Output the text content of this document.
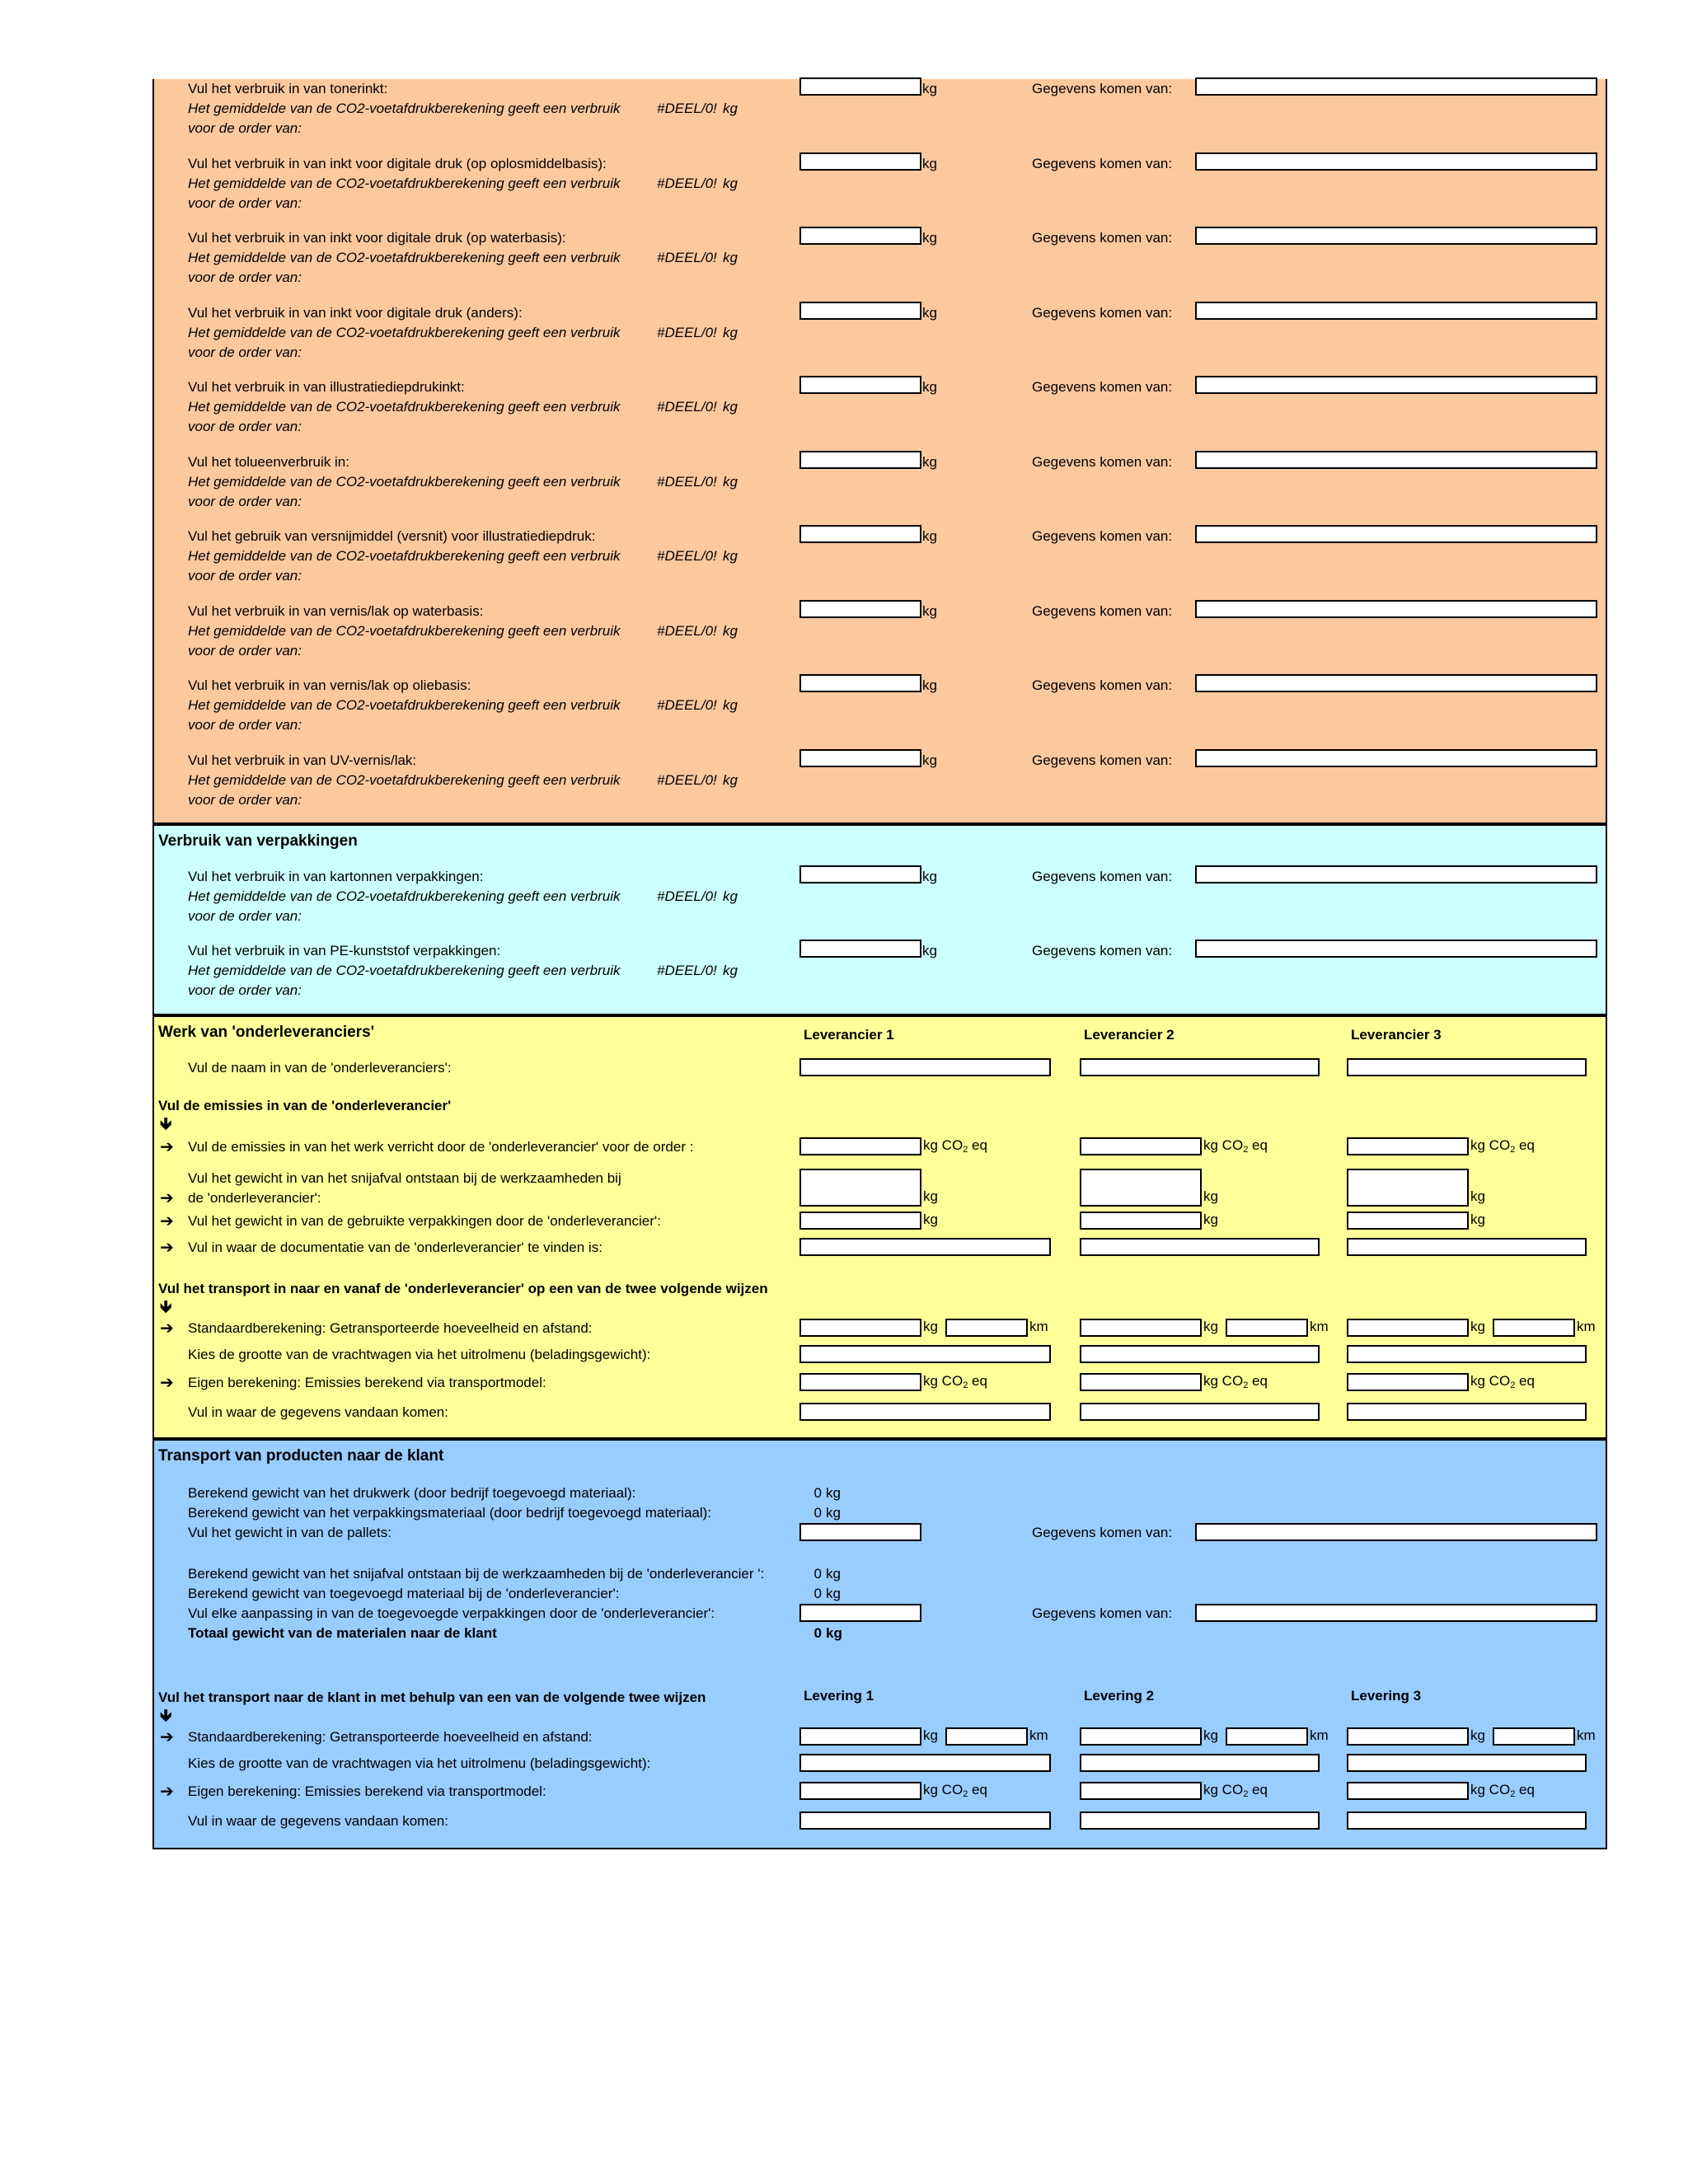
Vul het verbruik in van tonerinkt:	kg	Gegevens komen van:
Het gemiddelde van de CO2-voetafdrukberekening geeft een verbruik	#DEEL/0! kg
voor de order van:
Vul het verbruik in van inkt voor digitale druk (op oplosmiddelbasis):	kg	Gegevens komen van:
Het gemiddelde van de CO2-voetafdrukberekening geeft een verbruik	#DEEL/0! kg
voor de order van:
Vul het verbruik in van inkt voor digitale druk (op waterbasis):	kg	Gegevens komen van:
Het gemiddelde van de CO2-voetafdrukberekening geeft een verbruik	#DEEL/0! kg
voor de order van:
Vul het verbruik in van inkt voor digitale druk (anders):	kg	Gegevens komen van:
Het gemiddelde van de CO2-voetafdrukberekening geeft een verbruik	#DEEL/0! kg
voor de order van:
Vul het verbruik in van illustratiediepdrukinkt:	kg	Gegevens komen van:
Het gemiddelde van de CO2-voetafdrukberekening geeft een verbruik	#DEEL/0! kg
voor de order van:
Vul het tolueenverbruik in:	kg	Gegevens komen van:
Het gemiddelde van de CO2-voetafdrukberekening geeft een verbruik	#DEEL/0! kg
voor de order van:
Vul het gebruik van versnijmiddel (versnit) voor illustratiediepdruk:	kg	Gegevens komen van:
Het gemiddelde van de CO2-voetafdrukberekening geeft een verbruik	#DEEL/0! kg
voor de order van:
Vul het verbruik in van vernis/lak op waterbasis:	kg	Gegevens komen van:
Het gemiddelde van de CO2-voetafdrukberekening geeft een verbruik	#DEEL/0! kg
voor de order van:
Vul het verbruik in van vernis/lak op oliebasis:	kg	Gegevens komen van:
Het gemiddelde van de CO2-voetafdrukberekening geeft een verbruik	#DEEL/0! kg
voor de order van:
Vul het verbruik in van UV-vernis/lak:	kg	Gegevens komen van:
Het gemiddelde van de CO2-voetafdrukberekening geeft een verbruik	#DEEL/0! kg
voor de order van:
Verbruik van verpakkingen
Vul het verbruik in van kartonnen verpakkingen:	kg	Gegevens komen van:
Het gemiddelde van de CO2-voetafdrukberekening geeft een verbruik	#DEEL/0! kg
voor de order van:
Vul het verbruik in van PE-kunststof verpakkingen:	kg	Gegevens komen van:
Het gemiddelde van de CO2-voetafdrukberekening geeft een verbruik	#DEEL/0! kg
voor de order van:
Werk van 'onderleveranciers'	Leverancier 1	Leverancier 2	Leverancier 3
Vul de naam in van de 'onderleveranciers':
Vul de emissies in van de 'onderleverancier'
🡻
➔ Vul de emissies in van het werk verricht door de 'onderleverancier' voor de order :	kg $CO_2$ eq	kg $CO_2$ eq	kg $CO_2$ eq
Vul het gewicht in van het snijafval ontstaan bij de werkzaamheden bij
➔ de 'onderleverancier':	kg	kg	kg
➔ Vul het gewicht in van de gebruikte verpakkingen door de 'onderleverancier':	kg	kg	kg
➔ Vul in waar de documentatie van de 'onderleverancier' te vinden is:
Vul het transport in naar en vanaf de 'onderleverancier' op een van de twee volgende wijzen
🡻
➔ Standaardberekening: Getransporteerde hoeveelheid en afstand:	kg	km	kg	km	kg	km
Kies de grootte van de vrachtwagen via het uitrolmenu (beladingsgewicht):
➔ Eigen berekening: Emissies berekend via transportmodel:	kg $CO_2$ eq	kg $CO_2$ eq	kg $CO_2$ eq
Vul in waar de gegevens vandaan komen:
Transport van producten naar de klant
Berekend gewicht van het drukwerk (door bedrijf toegevoegd materiaal):	0 kg
Berekend gewicht van het verpakkingsmateriaal (door bedrijf toegevoegd materiaal):	0 kg
Vul het gewicht in van de pallets:	Gegevens komen van:
Berekend gewicht van het snijafval ontstaan bij de werkzaamheden bij de 'onderleverancier ':	0 kg
Berekend gewicht van toegevoegd materiaal bij de 'onderleverancier':	0 kg
Vul elke aanpassing in van de toegevoegde verpakkingen door de 'onderleverancier':	Gegevens komen van:
Totaal gewicht van de materialen naar de klant	0 kg
Vul het transport naar de klant in met behulp van een van de volgende twee wijzen	Levering 1	Levering 2	Levering 3
🡻
➔ Standaardberekening: Getransporteerde hoeveelheid en afstand:	kg	km	kg	km	kg	km
Kies de grootte van de vrachtwagen via het uitrolmenu (beladingsgewicht):
➔ Eigen berekening: Emissies berekend via transportmodel:	kg $CO_2$ eq	kg $CO_2$ eq	kg $CO_2$ eq
Vul in waar de gegevens vandaan komen:
